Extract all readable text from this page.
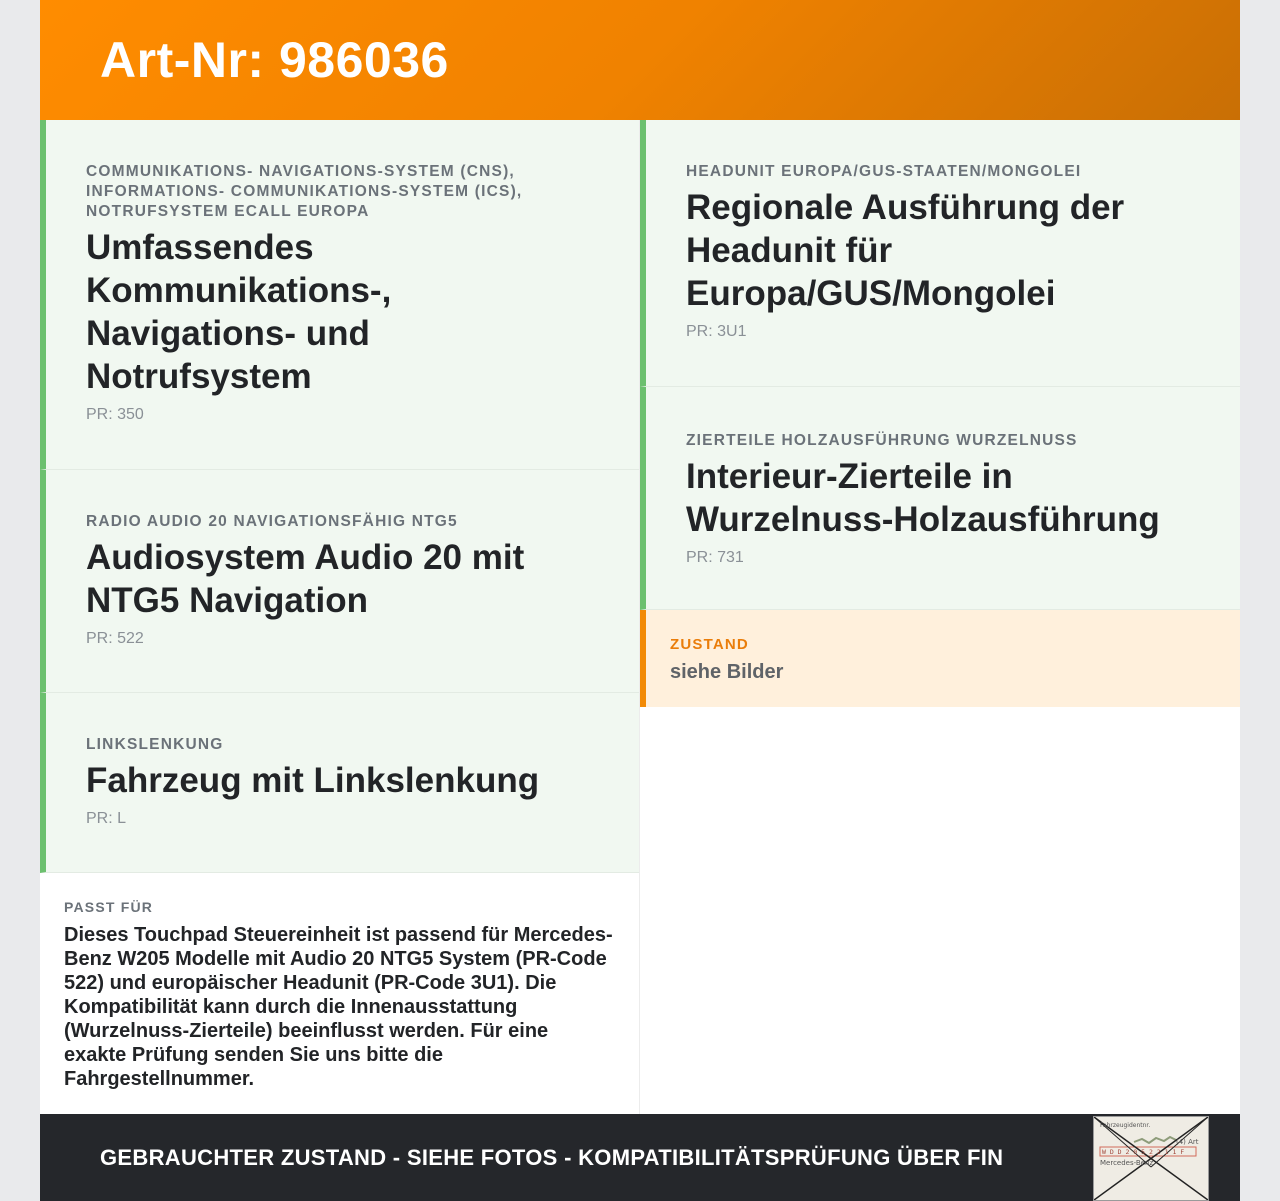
Art-Nr: 986036
COMMUNIKATIONS- NAVIGATIONS-SYSTEM (CNS), INFORMATIONS- COMMUNIKATIONS-SYSTEM (ICS), NOTRUFSYSTEM ECALL EUROPA
Umfassendes Kommunikations-, Navigations- und Notrufsystem
PR: 350
RADIO AUDIO 20 NAVIGATIONSFÄHIG NTG5
Audiosystem Audio 20 mit NTG5 Navigation
PR: 522
LINKSLENKUNG
Fahrzeug mit Linkslenkung
PR: L
PASST FÜR
Dieses Touchpad Steuereinheit ist passend für Mercedes-Benz W205 Modelle mit Audio 20 NTG5 System (PR-Code 522) und europäischer Headunit (PR-Code 3U1). Die Kompatibilität kann durch die Innenausstattung (Wurzelnuss-Zierteile) beeinflusst werden. Für eine exakte Prüfung senden Sie uns bitte die Fahrgestellnummer.
HEADUNIT EUROPA/GUS-STAATEN/MONGOLEI
Regionale Ausführung der Headunit für Europa/GUS/Mongolei
PR: 3U1
ZIERTEILE HOLZAUSFÜHRUNG WURZELNUSS
Interieur-Zierteile in Wurzelnuss-Holzausführung
PR: 731
ZUSTAND
siehe Bilder
GEBRAUCHTER ZUSTAND - SIEHE FOTOS - KOMPATIBILITÄTSPRÜFUNG ÜBER FIN
Fahrzeugidentnr.
(4) Art
W D D 2 0 5 2 2 1 1 F
Mercedes-Benz
